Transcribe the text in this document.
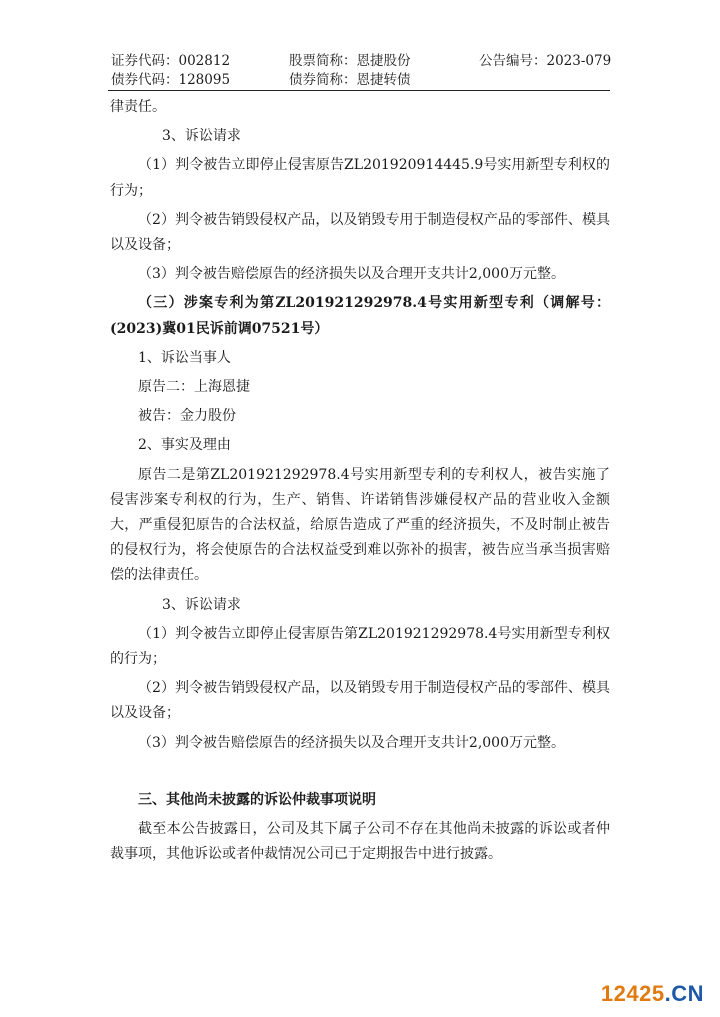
证券代码：002812	股票简称：恩捷股份	公告编号：2023-079
债券代码：128095	债券简称：恩捷转债

律责任。

3、诉讼请求

（1）判令被告立即停止侵害原告ZL201920914445.9号实用新型专利权的行为；

（2）判令被告销毁侵权产品，以及销毁专用于制造侵权产品的零部件、模具以及设备；

（3）判令被告赔偿原告的经济损失以及合理开支共计2,000万元整。

（三）涉案专利为第ZL201921292978.4号实用新型专利（调解号：(2023)冀01民诉前调07521号）

1、诉讼当事人

原告二：上海恩捷

被告：金力股份

2、事实及理由

原告二是第ZL201921292978.4号实用新型专利的专利权人，被告实施了侵害涉案专利权的行为，生产、销售、许诺销售涉嫌侵权产品的营业收入金额大，严重侵犯原告的合法权益，给原告造成了严重的经济损失，不及时制止被告的侵权行为，将会使原告的合法权益受到难以弥补的损害，被告应当承当损害赔偿的法律责任。

3、诉讼请求

（1）判令被告立即停止侵害原告第ZL201921292978.4号实用新型专利权的行为；

（2）判令被告销毁侵权产品，以及销毁专用于制造侵权产品的零部件、模具以及设备；

（3）判令被告赔偿原告的经济损失以及合理开支共计2,000万元整。

三、其他尚未披露的诉讼仲裁事项说明

截至本公告披露日，公司及其下属子公司不存在其他尚未披露的诉讼或者仲裁事项，其他诉讼或者仲裁情况公司已于定期报告中进行披露。

12425.CN
